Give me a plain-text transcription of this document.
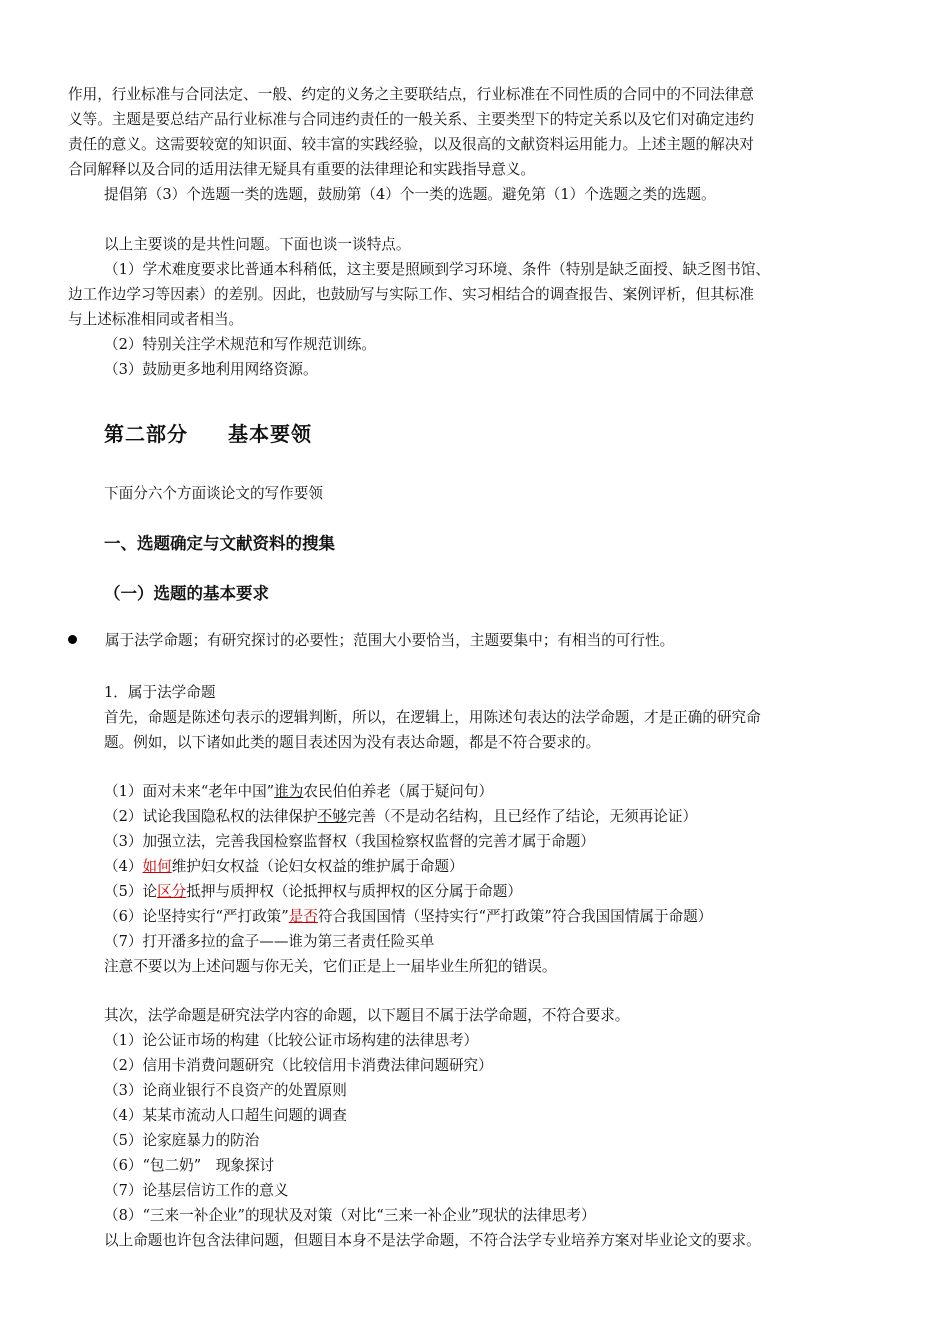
作用，行业标准与合同法定、一般、约定的义务之主要联结点，行业标准在不同性质的合同中的不同法律意

义等。主题是要总结产品行业标准与合同违约责任的一般关系、主要类型下的特定关系以及它们对确定违约

责任的意义。这需要较宽的知识面、较丰富的实践经验，以及很高的文献资料运用能力。上述主题的解决对

合同解释以及合同的适用法律无疑具有重要的法律理论和实践指导意义。

提倡第（3）个选题一类的选题，鼓励第（4）个一类的选题。避免第（1）个选题之类的选题。

以上主要谈的是共性问题。下面也谈一谈特点。

（1）学术难度要求比普通本科稍低，这主要是照顾到学习环境、条件（特别是缺乏面授、缺乏图书馆、

边工作边学习等因素）的差别。因此，也鼓励写与实际工作、实习相结合的调查报告、案例评析，但其标准

与上述标准相同或者相当。

（2）特别关注学术规范和写作规范训练。

（3）鼓励更多地利用网络资源。

第二部分 基本要领

下面分六个方面谈论文的写作要领

一、选题确定与文献资料的搜集
（一）选题的基本要求
属于法学命题；有研究探讨的必要性；范围大小要恰当，主题要集中；有相当的可行性。

1．属于法学命题

首先，命题是陈述句表示的逻辑判断，所以，在逻辑上，用陈述句表达的法学命题，才是正确的研究命

题。例如，以下诸如此类的题目表述因为没有表达命题，都是不符合要求的。

（1）面对未来“老年中国”谁为农民伯伯养老（属于疑问句）

（2）试论我国隐私权的法律保护不够完善（不是动名结构，且已经作了结论，无须再论证）

（3）加强立法，完善我国检察监督权（我国检察权监督的完善才属于命题）

（4）如何维护妇女权益（论妇女权益的维护属于命题）

（5）论区分抵押与质押权（论抵押权与质押权的区分属于命题）

（6）论坚持实行“严打政策”是否符合我国国情（坚持实行“严打政策”符合我国国情属于命题）

（7）打开潘多拉的盒子——谁为第三者责任险买单

注意不要以为上述问题与你无关，它们正是上一届毕业生所犯的错误。

其次，法学命题是研究法学内容的命题，以下题目不属于法学命题，不符合要求。

（1）论公证市场的构建（比较公证市场构建的法律思考）

（2）信用卡消费问题研究（比较信用卡消费法律问题研究）

（3）论商业银行不良资产的处置原则

（4）某某市流动人口超生问题的调查

（5）论家庭暴力的防治

（6）“包二奶”　现象探讨

（7）论基层信访工作的意义

（8）“三来一补企业”的现状及对策（对比“三来一补企业”现状的法律思考）

以上命题也许包含法律问题，但题目本身不是法学命题，不符合法学专业培养方案对毕业论文的要求。
